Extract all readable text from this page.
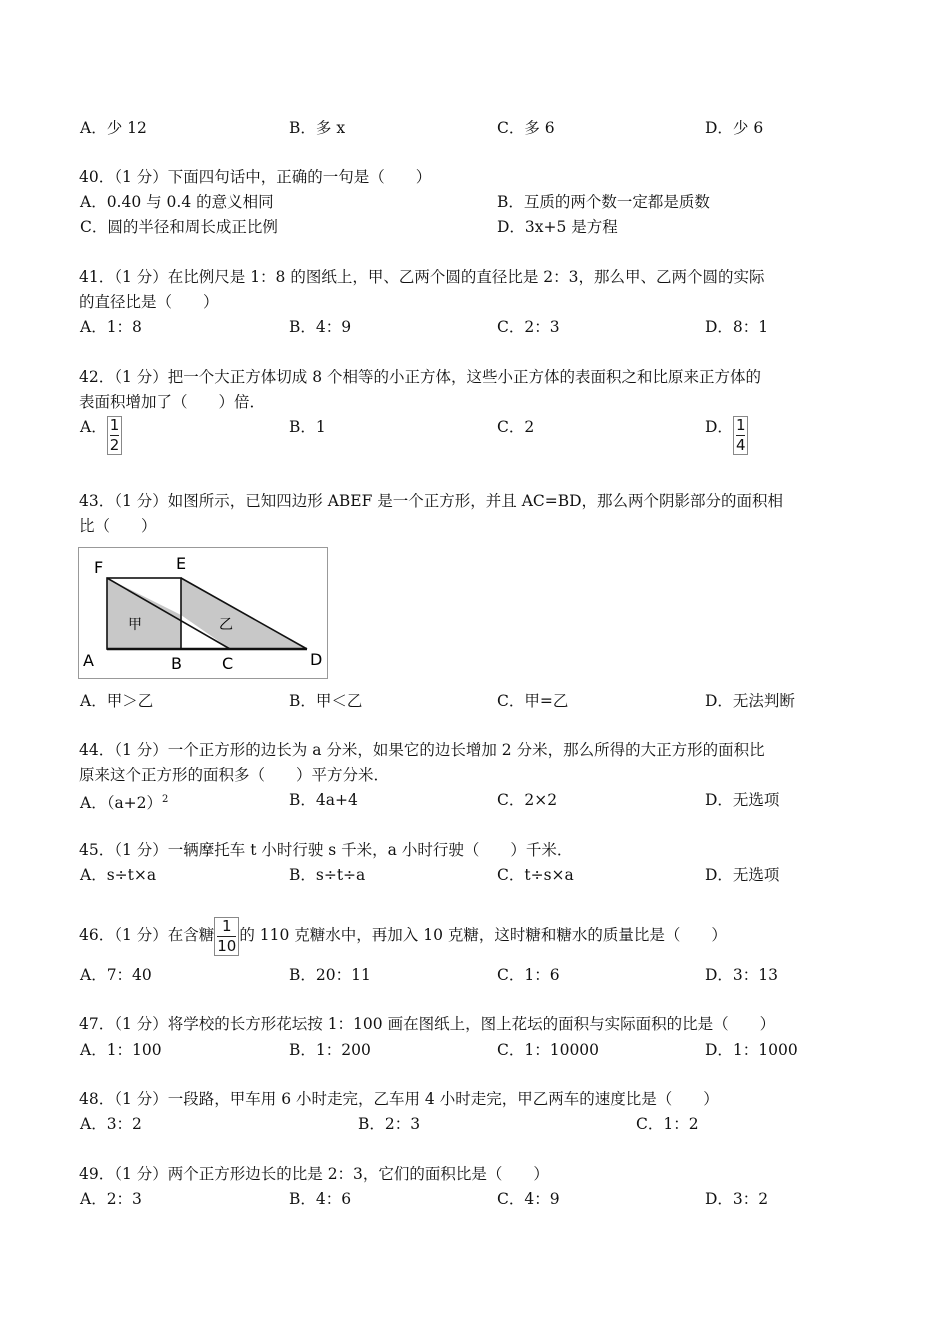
A．少 12	B．多 x	C．多 6	D．少 6
40．（1 分）下面四句话中，正确的一句是（　　）
A．0.40 与 0.4 的意义相同	B．互质的两个数一定都是质数
C．圆的半径和周长成正比例	D．3x+5 是方程
41．（1 分）在比例尺是 1：8 的图纸上，甲、乙两个圆的直径比是 2：3，那么甲、乙两个圆的实际
的直径比是（　　）
A．1：8	B．4：9	C．2：3	D．8：1
42．（1 分）把一个大正方体切成 8 个相等的小正方体，这些小正方体的表面积之和比原来正方体的
表面积增加了（　　）倍．
A． $\frac{1}{2}$	B．1	C．2	D． $\frac{1}{4}$
43．（1 分）如图所示，已知四边形 ABEF 是一个正方形，并且 AC=BD，那么两个阴影部分的面积相
比（　　）
F	E
A	B	C	D
甲	乙
A．甲＞乙	B．甲＜乙	C．甲=乙	D．无法判断
44．（1 分）一个正方形的边长为 a 分米，如果它的边长增加 2 分米，那么所得的大正方形的面积比
原来这个正方形的面积多（　　）平方分米．
A．$(a+2)^2$	B．4a+4	C．2×2	D．无选项
45．（1 分）一辆摩托车 t 小时行驶 s 千米，a 小时行驶（　　）千米．
A．s÷t×a	B．s÷t÷a	C．t÷s×a	D．无选项
46．（1 分）在含糖 $\frac{1}{10}$ 的 110 克糖水中，再加入 10 克糖，这时糖和糖水的质量比是（　　）
A．7：40	B．20：11	C．1：6	D．3：13
47．（1 分）将学校的长方形花坛按 1：100 画在图纸上，图上花坛的面积与实际面积的比是（　　）
A．1：100	B．1：200	C．1：10000	D．1：1000
48．（1 分）一段路，甲车用 6 小时走完，乙车用 4 小时走完，甲乙两车的速度比是（　　）
A．3：2	B．2：3	C．1：2
49．（1 分）两个正方形边长的比是 2：3，它们的面积比是（　　）
A．2：3	B．4：6	C．4：9	D．3：2
